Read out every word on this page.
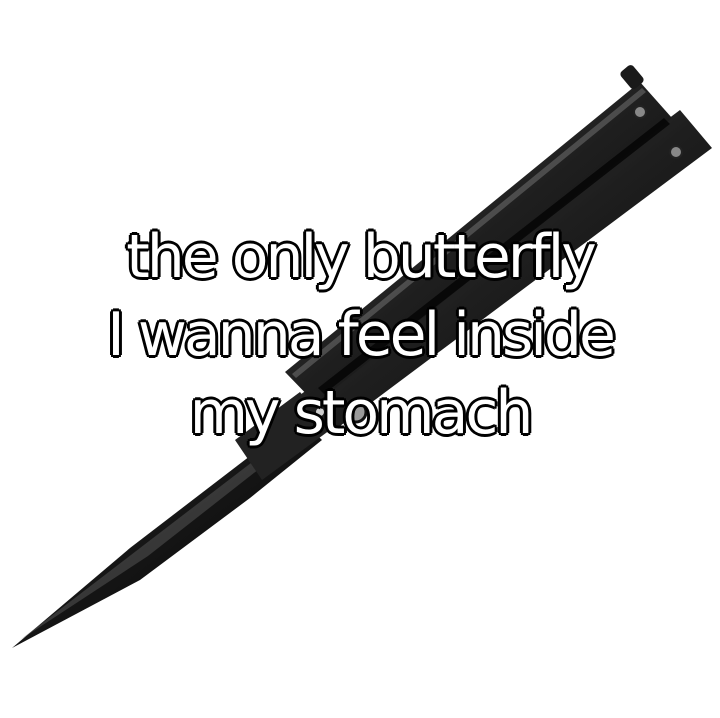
the only butterfly
I wanna feel inside
my stomach
